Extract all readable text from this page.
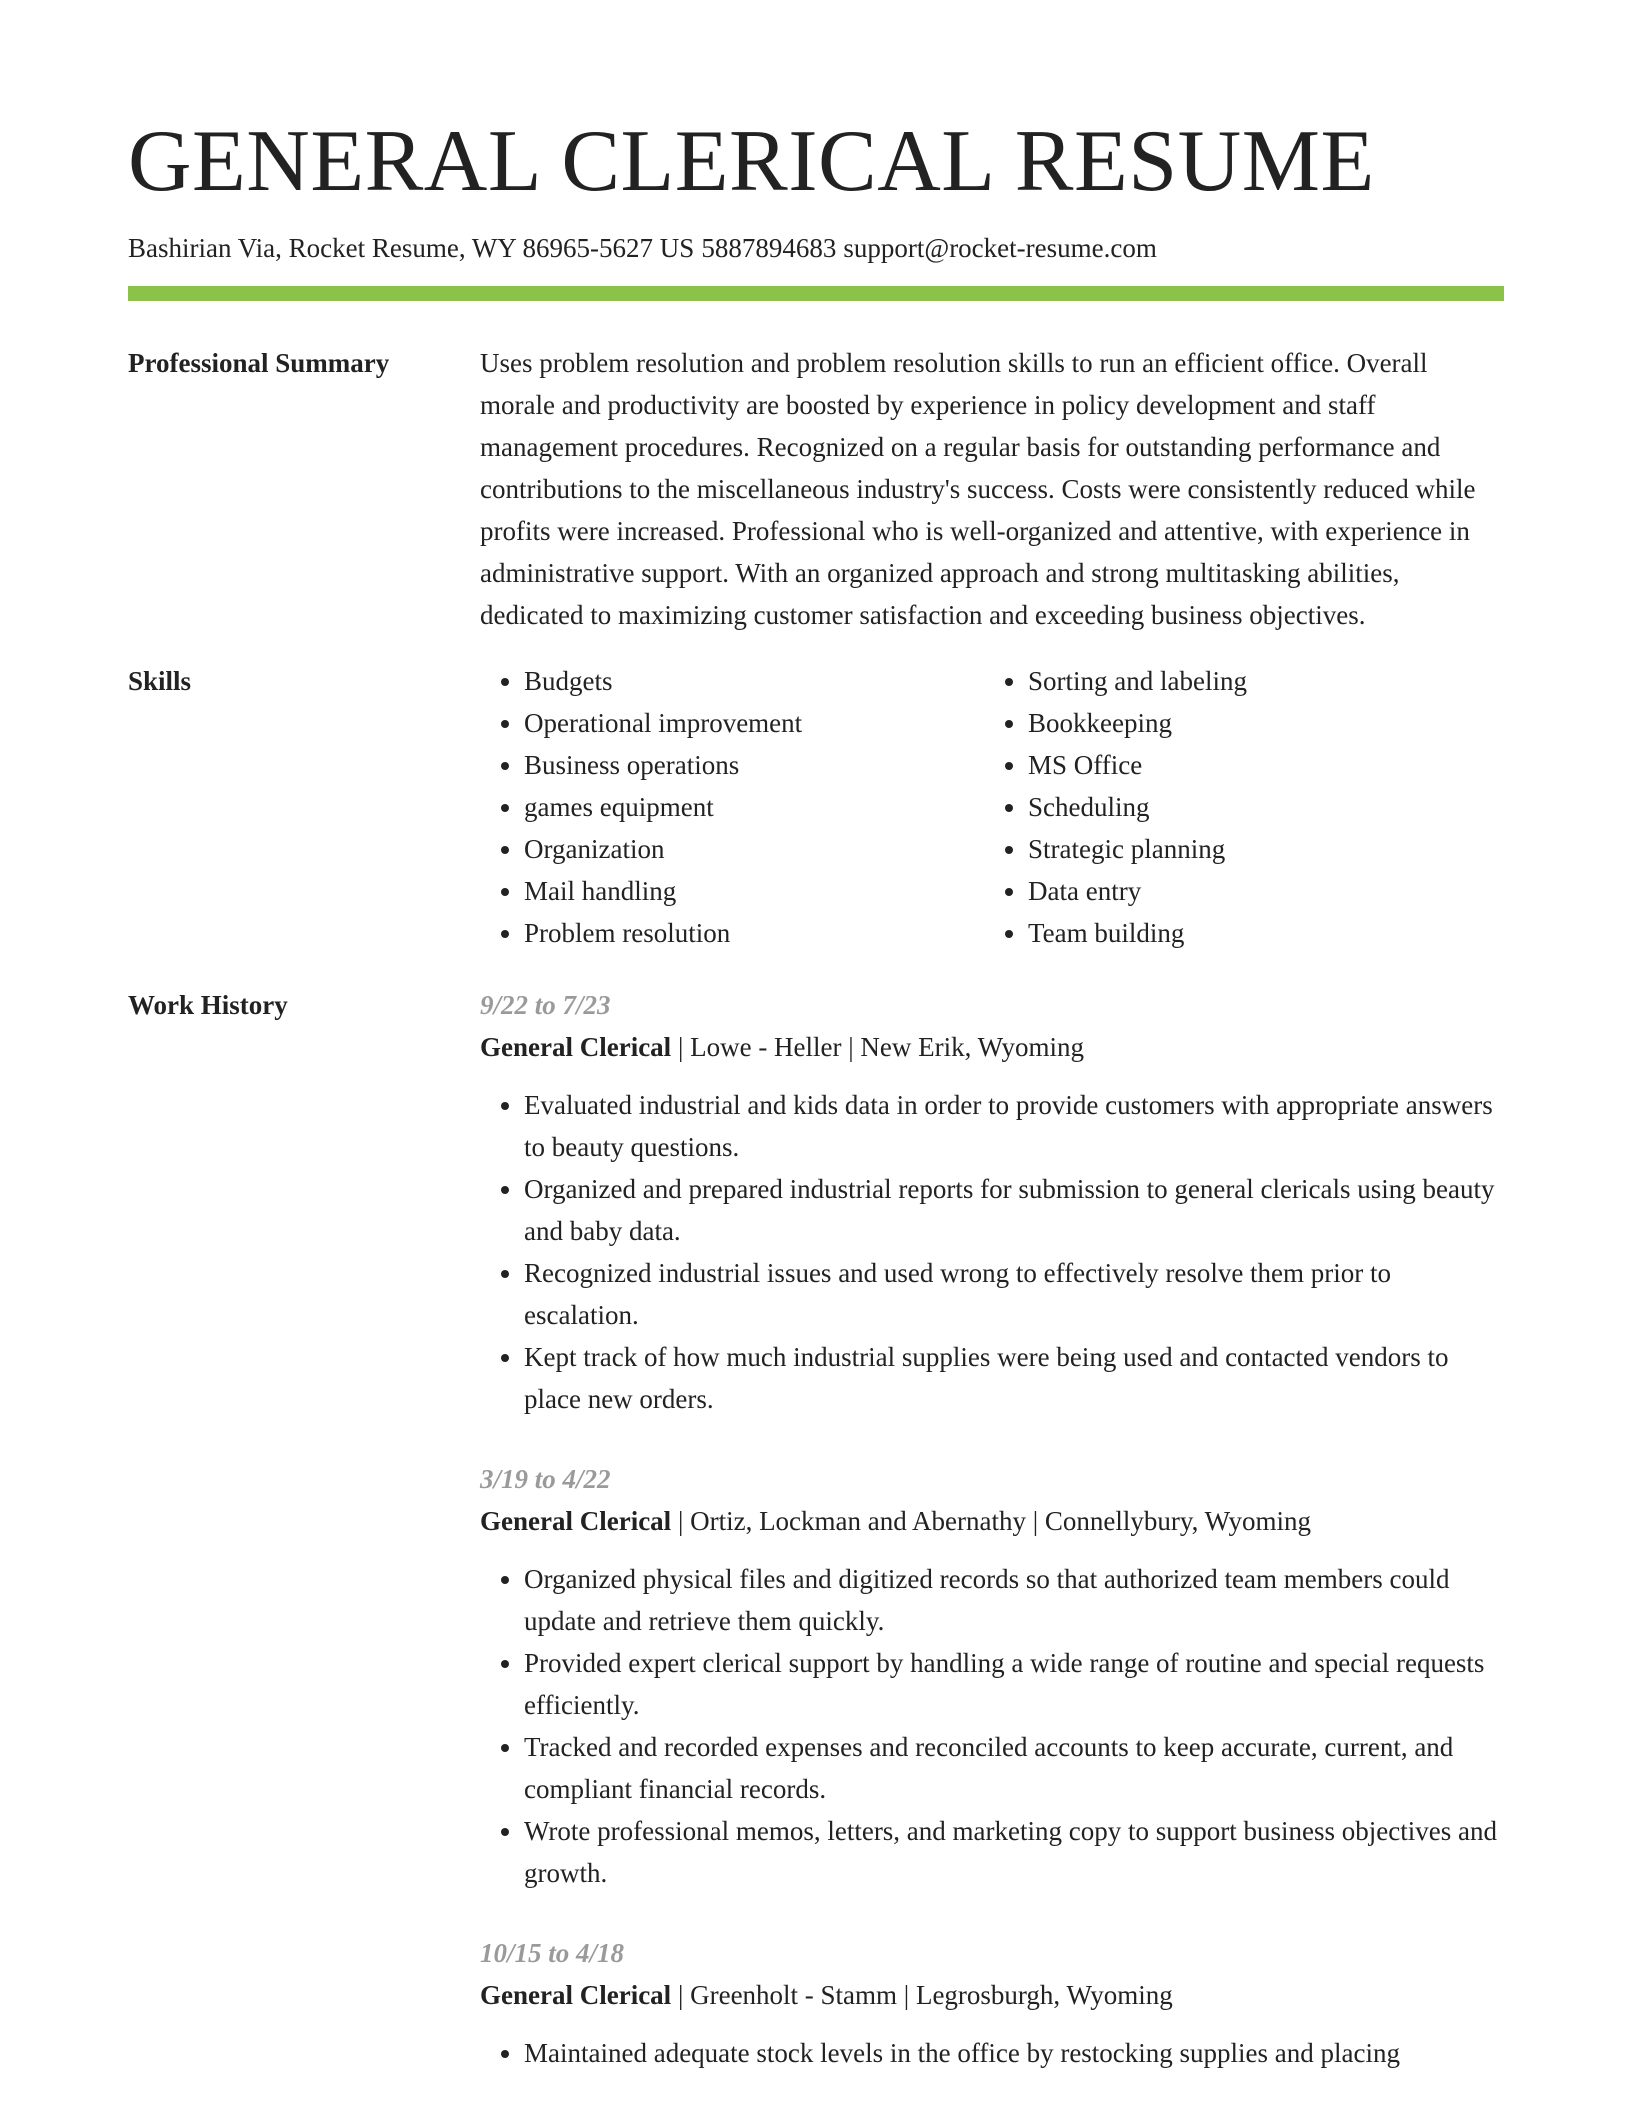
GENERAL CLERICAL RESUME
Bashirian Via, Rocket Resume, WY 86965-5627 US 5887894683 support@rocket-resume.com
Professional Summary	Uses problem resolution and problem resolution skills to run an efficient office. Overall morale and productivity are boosted by experience in policy development and staff management procedures. Recognized on a regular basis for outstanding performance and contributions to the miscellaneous industry's success. Costs were consistently reduced while profits were increased. Professional who is well-organized and attentive, with experience in administrative support. With an organized approach and strong multitasking abilities, dedicated to maximizing customer satisfaction and exceeding business objectives.
Skills
•	Budgets
• Operational improvement
• Business operations
• games equipment
• Organization
• Mail handling
• Problem resolution
• Sorting and labeling
• Bookkeeping
• MS Office
• Scheduling
• Strategic planning
• Data entry
• Team building
Work History	9/22 to 7/23
General Clerical | Lowe - Heller | New Erik, Wyoming
• Evaluated industrial and kids data in order to provide customers with appropriate answers to beauty questions.
• Organized and prepared industrial reports for submission to general clericals using beauty and baby data.
• Recognized industrial issues and used wrong to effectively resolve them prior to escalation.
• Kept track of how much industrial supplies were being used and contacted vendors to place new orders.
3/19 to 4/22
General Clerical | Ortiz, Lockman and Abernathy | Connellybury, Wyoming
• Organized physical files and digitized records so that authorized team members could update and retrieve them quickly.
• Provided expert clerical support by handling a wide range of routine and special requests efficiently.
• Tracked and recorded expenses and reconciled accounts to keep accurate, current, and compliant financial records.
• Wrote professional memos, letters, and marketing copy to support business objectives and growth.
10/15 to 4/18
General Clerical | Greenholt - Stamm | Legrosburgh, Wyoming
• Maintained adequate stock levels in the office by restocking supplies and placing
